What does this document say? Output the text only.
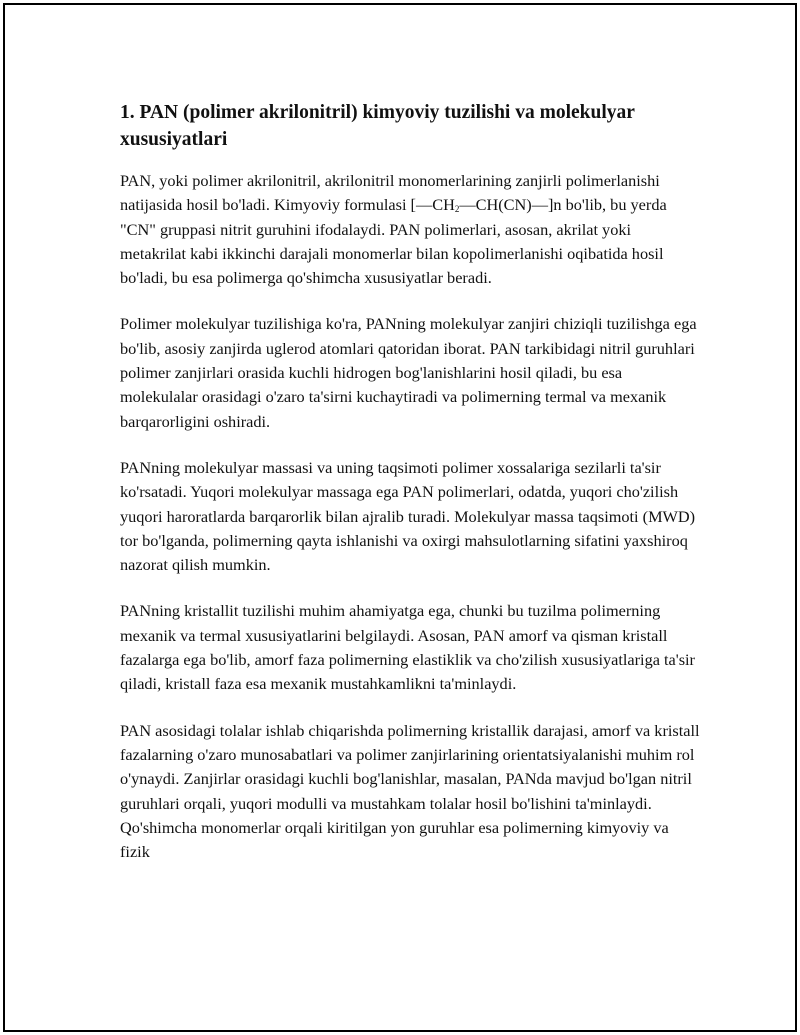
1. PAN (polimer akrilonitril) kimyoviy tuzilishi va molekulyar xususiyatlari

PAN, yoki polimer akrilonitril, akrilonitril monomerlarining zanjirli polimerlanishi natijasida hosil bo'ladi. Kimyoviy formulasi $[—CH_2—CH(CN)—]n$ bo'lib, bu yerda "CN" gruppasi nitrit guruhini ifodalaydi. PAN polimerlari, asosan, akrilat yoki metakrilat kabi ikkinchi darajali monomerlar bilan kopolimerlanishi oqibatida hosil bo'ladi, bu esa polimerga qo'shimcha xususiyatlar beradi.

Polimer molekulyar tuzilishiga ko'ra, PANning molekulyar zanjiri chiziqli tuzilishga ega bo'lib, asosiy zanjirda uglerod atomlari qatoridan iborat. PAN tarkibidagi nitril guruhlari polimer zanjirlari orasida kuchli hidrogen bog'lanishlarini hosil qiladi, bu esa molekulalar orasidagi o'zaro ta'sirni kuchaytiradi va polimerning termal va mexanik barqarorligini oshiradi.

PANning molekulyar massasi va uning taqsimoti polimer xossalariga sezilarli ta'sir ko'rsatadi. Yuqori molekulyar massaga ega PAN polimerlari, odatda, yuqori cho'zilish yuqori haroratlarda barqarorlik bilan ajralib turadi. Molekulyar massa taqsimoti (MWD) tor bo'lganda, polimerning qayta ishlanishi va oxirgi mahsulotlarning sifatini yaxshiroq nazorat qilish mumkin.

PANning kristallit tuzilishi muhim ahamiyatga ega, chunki bu tuzilma polimerning mexanik va termal xususiyatlarini belgilaydi. Asosan, PAN amorf va qisman kristall fazalarga ega bo'lib, amorf faza polimerning elastiklik va cho'zilish xususiyatlariga ta'sir qiladi, kristall faza esa mexanik mustahkamlikni ta'minlaydi.

PAN asosidagi tolalar ishlab chiqarishda polimerning kristallik darajasi, amorf va kristall fazalarning o'zaro munosabatlari va polimer zanjirlarining orientatsiyalanishi muhim rol o'ynaydi. Zanjirlar orasidagi kuchli bog'lanishlar, masalan, PANda mavjud bo'lgan nitril guruhlari orqali, yuqori modulli va mustahkam tolalar hosil bo'lishini ta'minlaydi. Qo'shimcha monomerlar orqali kiritilgan yon guruhlar esa polimerning kimyoviy va fizik
